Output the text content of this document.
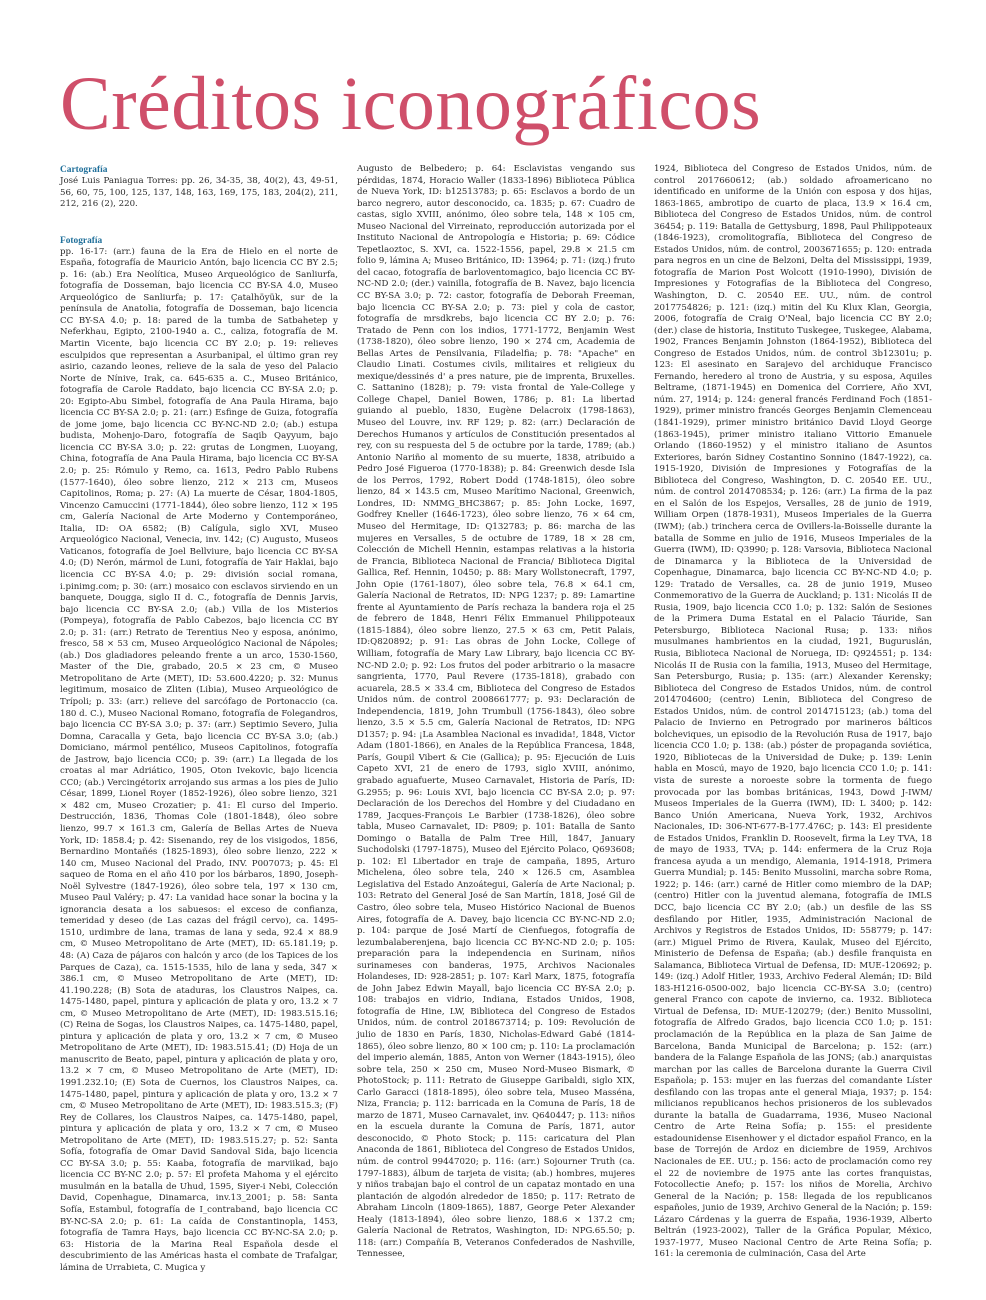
Créditos iconográficos

Cartografía

José Luis Paniagua Torres: pp. 26, 34-35, 38, 40(2), 43, 49-51, 56, 60, 75, 100, 125, 137, 148, 163, 169, 175, 183, 204(2), 211, 212, 216 (2), 220.

Fotografía

pp. 16-17: (arr.) fauna de la Era de Hielo en el norte de España, fotografía de Mauricio Antón, bajo licencia CC BY 2.5; p. 16: (ab.) Era Neolítica, Museo Arqueológico de Sanliurfa, fotografía de Dosseman, bajo licencia CC BY-SA 4.0, Museo Arqueológico de Sanliurfa; p. 17: Çatalhöyük, sur de la península de Anatolia, fotografía de Dosseman, bajo licencia CC BY-SA 4.0; p. 18: pared de la tumba de Satbahetep y Neferkhau, Egipto, 2100-1940 a. C., caliza, fotografía de M. Martin Vicente, bajo licencia CC BY 2.0; p. 19: relieves esculpidos que representan a Asurbanipal, el último gran rey asirio, cazando leones, relieve de la sala de yeso del Palacio Norte de Nínive, Irak, ca. 645-635 a. C., Museo Británico, fotografía de Carole Raddato, bajo licencia CC BY-SA 2.0; p. 20: Egipto-Abu Simbel, fotografía de Ana Paula Hirama, bajo licencia CC BY-SA 2.0; p. 21: (arr.) Esfinge de Guiza, fotografía de jome jome, bajo licencia CC BY-NC-ND 2.0; (ab.) estupa budista, Mohenjo-Daro, fotografía de Saqib Qayyum, bajo licencia CC BY-SA 3.0; p. 22: grutas de Longmen, Luoyang, China, fotografía de Ana Paula Hirama, bajo licencia CC BY-SA 2.0; p. 25: Rómulo y Remo, ca. 1613, Pedro Pablo Rubens (1577-1640), óleo sobre lienzo, 212 × 213 cm, Museos Capitolinos, Roma; p. 27: (A) La muerte de César, 1804-1805, Vincenzo Camuccini (1771-1844), óleo sobre lienzo, 112 × 195 cm, Galería Nacional de Arte Moderno y Contemporáneo, Italia, ID: OA 6582; (B) Calígula, siglo XVI, Museo Arqueológico Nacional, Venecia, inv. 142; (C) Augusto, Museos Vaticanos, fotografía de Joel Bellviure, bajo licencia CC BY-SA 4.0; (D) Nerón, mármol de Luni, fotografía de Yair Haklai, bajo licencia CC BY-SA 4.0; p. 29: división social romana, i.pinimg.com; p. 30: (arr.) mosaico con esclavos sirviendo en un banquete, Dougga, siglo II d. C., fotografía de Dennis Jarvis, bajo licencia CC BY-SA 2.0; (ab.) Villa de los Misterios (Pompeya), fotografía de Pablo Cabezos, bajo licencia CC BY 2.0; p. 31: (arr.) Retrato de Terentius Neo y esposa, anónimo, fresco, 58 × 53 cm, Museo Arqueológico Nacional de Nápoles; (ab.) Dos gladiadores peleando frente a un arco, 1530-1560, Master of the Die, grabado, 20.5 × 23 cm, © Museo Metropolitano de Arte (MET), ID: 53.600.4220; p. 32: Munus legitimum, mosaico de Zliten (Libia), Museo Arqueológico de Trípoli; p. 33: (arr.) relieve del sarcófago de Portonaccio (ca. 180 d. C.), Museo Nacional Romano, fotografía de Folegandros, bajo licencia CC BY-SA 3.0; p. 37: (arr.) Septimio Severo, Julia Domna, Caracalla y Geta, bajo licencia CC BY-SA 3.0; (ab.) Domiciano, mármol pentélico, Museos Capitolinos, fotografía de Jastrow, bajo licencia CC0; p. 39: (arr.) La llegada de los croatas al mar Adriático, 1905, Oton Ivekovic, bajo licencia CC0; (ab.) Vercingétorix arrojando sus armas a los pies de Julio César, 1899, Lionel Royer (1852-1926), óleo sobre lienzo, 321 × 482 cm, Museo Crozatier; p. 41: El curso del Imperio. Destrucción, 1836, Thomas Cole (1801-1848), óleo sobre lienzo, 99.7 × 161.3 cm, Galería de Bellas Artes de Nueva York, ID: 1858.4; p. 42: Sisenando, rey de los visigodos, 1856, Bernardino Montañés (1825-1893), óleo sobre lienzo, 222 × 140 cm, Museo Nacional del Prado, INV. P007073; p. 45: El saqueo de Roma en el año 410 por los bárbaros, 1890, Joseph-Noël Sylvestre (1847-1926), óleo sobre tela, 197 × 130 cm, Museo Paul Valéry; p. 47: La vanidad hace sonar la bocina y la ignorancia desata a los sabuesos: el exceso de confianza, temeridad y deseo (de Las cazas del frágil cervo), ca. 1495-1510, urdimbre de lana, tramas de lana y seda, 92.4 × 88.9 cm, © Museo Metropolitano de Arte (MET), ID: 65.181.19; p. 48: (A) Caza de pájaros con halcón y arco (de los Tapices de los Parques de Caza), ca. 1515-1535, hilo de lana y seda, 347 × 386.1 cm, © Museo Metropolitano de Arte (MET), ID: 41.190.228; (B) Sota de ataduras, los Claustros Naipes, ca. 1475-1480, papel, pintura y aplicación de plata y oro, 13.2 × 7 cm, © Museo Metropolitano de Arte (MET), ID: 1983.515.16; (C) Reina de Sogas, los Claustros Naipes, ca. 1475-1480, papel, pintura y aplicación de plata y oro, 13.2 × 7 cm, © Museo Metropolitano de Arte (MET), ID: 1983.515.41; (D) Hoja de un manuscrito de Beato, papel, pintura y aplicación de plata y oro, 13.2 × 7 cm, © Museo Metropolitano de Arte (MET), ID: 1991.232.10; (E) Sota de Cuernos, los Claustros Naipes, ca. 1475-1480, papel, pintura y aplicación de plata y oro, 13.2 × 7 cm, © Museo Metropolitano de Arte (MET), ID: 1983.515.3; (F) Rey de Collares, los Claustros Naipes, ca. 1475-1480, papel, pintura y aplicación de plata y oro, 13.2 × 7 cm, © Museo Metropolitano de Arte (MET), ID: 1983.515.27; p. 52: Santa Sofía, fotografía de Omar David Sandoval Sida, bajo licencia CC BY-SA 3.0; p. 55: Kaaba, fotografía de marviikad, bajo licencia CC BY-NC 2.0; p. 57: El profeta Mahoma y el ejército musulmán en la batalla de Uhud, 1595, Siyer-i Nebi, Colección David, Copenhague, Dinamarca, inv.13_2001; p. 58: Santa Sofía, Estambul, fotografía de I_contraband, bajo licencia CC BY-NC-SA 2.0; p. 61: La caída de Constantinopla, 1453, fotografía de Tamra Hays, bajo licencia CC BY-NC-SA 2.0; p. 63: Historia de la Marina Real Española desde el descubrimiento de las Américas hasta el combate de Trafalgar, lámina de Urrabieta, C. Mugica y

Augusto de Belbedero; p. 64: Esclavistas vengando sus pérdidas, 1874, Horacio Waller (1833-1896) Biblioteca Pública de Nueva York, ID: b12513783; p. 65: Esclavos a bordo de un barco negrero, autor desconocido, ca. 1835; p. 67: Cuadro de castas, siglo XVIII, anónimo, óleo sobre tela, 148 × 105 cm, Museo Nacional del Virreinato, reproducción autorizada por el Instituto Nacional de Antropología e Historia; p. 69: Códice Tepetlaoztoc, S. XVI, ca. 1522-1556, papel, 29.8 × 21.5 cm folio 9, lámina A; Museo Británico, ID: 13964; p. 71: (izq.) fruto del cacao, fotografía de barloventomagico, bajo licencia CC BY-NC-ND 2.0; (der.) vainilla, fotografía de B. Navez, bajo licencia CC BY-SA 3.0; p. 72: castor, fotografía de Deborah Freeman, bajo licencia CC BY-SA 2.0; p. 73: piel y cola de castor, fotografía de mrsdkrebs, bajo licencia CC BY 2.0; p. 76: Tratado de Penn con los indios, 1771-1772, Benjamin West (1738-1820), óleo sobre lienzo, 190 × 274 cm, Academia de Bellas Artes de Pensilvania, Filadelfia; p. 78: "Apache" en Claudio Linati. Costumes civils, militaires et religieux du mexique/dessinés d' a pres nature, pie de imprenta, Bruxelles. C. Sattanino (1828); p. 79: vista frontal de Yale-College y College Chapel, Daniel Bowen, 1786; p. 81: La libertad guiando al pueblo, 1830, Eugène Delacroix (1798-1863), Museo del Louvre, inv. RF 129; p. 82: (arr.) Declaración de Derechos Humanos y artículos de Constitución presentados al rey, con su respuesta del 5 de octubre por la tarde, 1789; (ab.) Antonio Nariño al momento de su muerte, 1838, atribuido a Pedro José Figueroa (1770-1838); p. 84: Greenwich desde Isla de los Perros, 1792, Robert Dodd (1748-1815), óleo sobre lienzo, 84 × 143.5 cm, Museo Marítimo Nacional, Greenwich, Londres, ID: NMMG_BHC3867; p. 85: John Locke, 1697, Godfrey Kneller (1646-1723), óleo sobre lienzo, 76 × 64 cm, Museo del Hermitage, ID: Q132783; p. 86: marcha de las mujeres en Versalles, 5 de octubre de 1789, 18 × 28 cm, Colección de Michell Hennin, estampas relativas a la historia de Francia, Biblioteca Nacional de Francia/ Biblioteca Digital Gallica, Ref. Hennin, 10450; p. 88: Mary Wollstonecraft, 1797, John Opie (1761-1807), óleo sobre tela, 76.8 × 64.1 cm, Galería Nacional de Retratos, ID: NPG 1237; p. 89: Lamartine frente al Ayuntamiento de París rechaza la bandera roja el 25 de febrero de 1848, Henri Félix Emmanuel Philippoteaux (1815-1884), óleo sobre lienzo, 27.5 × 63 cm, Petit Palais, ID:Q820892; p. 91: Las obras de John Locke, College of William, fotografía de Mary Law Library, bajo licencia CC BY-NC-ND 2.0; p. 92: Los frutos del poder arbitrario o la masacre sangrienta, 1770, Paul Revere (1735-1818), grabado con acuarela, 28.5 × 33.4 cm, Biblioteca del Congreso de Estados Unidos núm. de control 2008661777; p. 93: Declaración de Independencia, 1819, John Trumbull (1756-1843), óleo sobre lienzo, 3.5 × 5.5 cm, Galería Nacional de Retratos, ID: NPG D1357; p. 94: ¡La Asamblea Nacional es invadida!, 1848, Victor Adam (1801-1866), en Anales de la República Francesa, 1848, París, Goupil Vibert & Cie (Gallica); p. 95: Ejecución de Luis Capeto XVI, 21 de enero de 1793, siglo XVIII, anónimo, grabado aguafuerte, Museo Carnavalet, Historia de París, ID: G.2955; p. 96: Louis XVI, bajo licencia CC BY-SA 2.0; p. 97: Declaración de los Derechos del Hombre y del Ciudadano en 1789, Jacques-François Le Barbier (1738-1826), óleo sobre tabla, Museo Carnavalet, ID: P809; p. 101: Batalla de Santo Domingo o Batalla de Palm Tree Hill, 1847, January Suchodolski (1797-1875), Museo del Ejército Polaco, Q693608; p. 102: El Libertador en traje de campaña, 1895, Arturo Michelena, óleo sobre tela, 240 × 126.5 cm, Asamblea Legislativa del Estado Anzoátegui, Galería de Arte Nacional; p. 103: Retrato del General José de San Martín, 1818, José Gil de Castro, óleo sobre tela, Museo Histórico Nacional de Buenos Aires, fotografía de A. Davey, bajo licencia CC BY-NC-ND 2.0; p. 104: parque de José Martí de Cienfuegos, fotografía de lezumbalaberenjena, bajo licencia CC BY-NC-ND 2.0; p. 105: preparación para la independencia en Surinam, niños surinameses con banderas, 1975, Archivos Nacionales Holandeses, ID: 928-2851; p. 107: Karl Marx, 1875, fotografía de John Jabez Edwin Mayall, bajo licencia CC BY-SA 2.0; p. 108: trabajos en vidrio, Indiana, Estados Unidos, 1908, fotografía de Hine, LW, Biblioteca del Congreso de Estados Unidos, núm. de control 2018673714; p. 109: Revolución de julio de 1830 en París, 1830, Nicholas-Edward Gabé (1814-1865), óleo sobre lienzo, 80 × 100 cm; p. 110: La proclamación del imperio alemán, 1885, Anton von Werner (1843-1915), óleo sobre tela, 250 × 250 cm, Museo Nord-Museo Bismark, © PhotoStock; p. 111: Retrato de Giuseppe Garibaldi, siglo XIX, Carlo Garacci (1818-1895), óleo sobre tela, Museo Masséna, Niza, Francia; p. 112: barricada en la Comuna de París, 18 de marzo de 1871, Museo Carnavalet, inv. Q640447; p. 113: niños en la escuela durante la Comuna de París, 1871, autor desconocido, © Photo Stock; p. 115: caricatura del Plan Anaconda de 1861, Biblioteca del Congreso de Estados Unidos, núm. de control 99447020; p. 116: (arr.) Sojourner Truth (ca. 1797-1883), álbum de tarjeta de visita; (ab.) hombres, mujeres y niños trabajan bajo el control de un capataz montado en una plantación de algodón alrededor de 1850; p. 117: Retrato de Abraham Lincoln (1809-1865), 1887, George Peter Alexander Healy (1813-1894), óleo sobre lienzo, 188.6 × 137.2 cm; Galería Nacional de Retratos, Washington, ID: NPG.65.50; p. 118: (arr.) Compañía B, Veteranos Confederados de Nashville, Tennessee,

1924, Biblioteca del Congreso de Estados Unidos, núm. de control 2017660612; (ab.) soldado afroamericano no identificado en uniforme de la Unión con esposa y dos hijas, 1863-1865, ambrotipo de cuarto de placa, 13.9 × 16.4 cm, Biblioteca del Congreso de Estados Unidos, núm. de control 36454; p. 119: Batalla de Gettysburg, 1898, Paul Philippoteaux (1846-1923), cromolitografía, Biblioteca del Congreso de Estados Unidos, núm. de control, 2003671655; p. 120: entrada para negros en un cine de Belzoni, Delta del Mississippi, 1939, fotografía de Marion Post Wolcott (1910-1990), División de Impresiones y Fotografías de la Biblioteca del Congreso, Washington, D. C. 20540 EE. UU., núm. de control 2017754826; p. 121: (izq.) mitin del Ku Klux Klan, Georgia, 2006, fotografía de Craig O'Neal, bajo licencia CC BY 2.0; (der.) clase de historia, Instituto Tuskegee, Tuskegee, Alabama, 1902, Frances Benjamin Johnston (1864-1952), Biblioteca del Congreso de Estados Unidos, núm. de control 3b12301u; p. 123: El asesinato en Sarajevo del archiduque Francisco Fernando, heredero al trono de Austria, y su esposa, Aquiles Beltrame, (1871-1945) en Domenica del Corriere, Año XVI, núm. 27, 1914; p. 124: general francés Ferdinand Foch (1851-1929), primer ministro francés Georges Benjamin Clemenceau (1841-1929), primer ministro británico David Lloyd George (1863-1945), primer ministro italiano Vittorio Emanuele Orlando (1860-1952) y el ministro italiano de Asuntos Exteriores, barón Sidney Costantino Sonnino (1847-1922), ca. 1915-1920, División de Impresiones y Fotografías de la Biblioteca del Congreso, Washington, D. C. 20540 EE. UU., núm. de control 2014708534; p. 126: (arr.) La firma de la paz en el Salón de los Espejos, Versalles, 28 de junio de 1919, William Orpen (1878-1931), Museos Imperiales de la Guerra (IWM); (ab.) trinchera cerca de Ovillers-la-Boisselle durante la batalla de Somme en julio de 1916, Museos Imperiales de la Guerra (IWM), ID: Q3990; p. 128: Varsovia, Biblioteca Nacional de Dinamarca y la Biblioteca de la Universidad de Copenhague, Dinamarca, bajo licencia CC BY-NC-ND 4.0; p. 129: Tratado de Versalles, ca. 28 de junio 1919, Museo Conmemorativo de la Guerra de Auckland; p. 131: Nicolás II de Rusia, 1909, bajo licencia CC0 1.0; p. 132: Salón de Sesiones de la Primera Duma Estatal en el Palacio Táuride, San Petersburgo, Biblioteca Nacional Rusa; p. 133: niños musulmanes hambrientos en la ciudad, 1921, Buguruslán, Rusia, Biblioteca Nacional de Noruega, ID: Q924551; p. 134: Nicolás II de Rusia con la familia, 1913, Museo del Hermitage, San Petersburgo, Rusia; p. 135: (arr.) Alexander Kerensky; Biblioteca del Congreso de Estados Unidos, núm. de control 2014704600; (centro) Lenin, Biblioteca del Congreso de Estados Unidos, núm. de control 2014715123; (ab.) toma del Palacio de Invierno en Petrogrado por marineros bálticos bolcheviques, un episodio de la Revolución Rusa de 1917, bajo licencia CC0 1.0; p. 138: (ab.) póster de propaganda soviética, 1920, Bibliotecas de la Universidad de Duke; p. 139: Lenin habla en Moscú, mayo de 1920, bajo licencia CC0 1.0; p. 141: vista de sureste a noroeste sobre la tormenta de fuego provocada por las bombas británicas, 1943, Dowd J-IWM/ Museos Imperiales de la Guerra (IWM), ID: L 3400; p. 142: Banco Unión Americana, Nueva York, 1932, Archivos Nacionales, ID: 306-NT-677-B-177.476C; p. 143: El presidente de Estados Unidos, Franklin D. Roosevelt, firma la Ley TVA, 18 de mayo de 1933, TVA; p. 144: enfermera de la Cruz Roja francesa ayuda a un mendigo, Alemania, 1914-1918, Primera Guerra Mundial; p. 145: Benito Mussolini, marcha sobre Roma, 1922; p. 146: (arr.) carné de Hitler como miembro de la DAP; (centro) Hitler con la juventud alemana, fotografía de IMLS DCC, bajo licencia CC BY 2.0; (ab.) un desfile de las SS desfilando por Hitler, 1935, Administración Nacional de Archivos y Registros de Estados Unidos, ID: 558779; p. 147: (arr.) Miguel Primo de Rivera, Kaulak, Museo del Ejército, Ministerio de Defensa de España; (ab.) desfile franquista en Salamanca, Biblioteca Virtual de Defensa, ID: MUE-120692; p. 149: (izq.) Adolf Hitler, 1933, Archivo Federal Alemán; ID: Bild 183-H1216-0500-002, bajo licencia CC-BY-SA 3.0; (centro) general Franco con capote de invierno, ca. 1932. Biblioteca Virtual de Defensa, ID: MUE-120279; (der.) Benito Mussolini, fotografía de Alfredo Grados, bajo licencia CC0 1.0; p. 151: proclamación de la República en la plaza de San Jaime de Barcelona, Banda Municipal de Barcelona; p. 152: (arr.) bandera de la Falange Española de las JONS; (ab.) anarquistas marchan por las calles de Barcelona durante la Guerra Civil Española; p. 153: mujer en las fuerzas del comandante Líster desfilando con las tropas ante el general Miaja, 1937; p. 154: milicianos republicanos hechos prisioneros de los sublevados durante la batalla de Guadarrama, 1936, Museo Nacional Centro de Arte Reina Sofía; p. 155: el presidente estadounidense Eisenhower y el dictador español Franco, en la base de Torrejón de Ardoz en diciembre de 1959, Archivos Nacionales de EE. UU.; p. 156: acto de proclamación como rey el 22 de noviembre de 1975 ante las cortes franquistas, Fotocollectie Anefo; p. 157: los niños de Morelia, Archivo General de la Nación; p. 158: llegada de los republicanos españoles, junio de 1939, Archivo General de la Nación; p. 159: Lázaro Cárdenas y la guerra de España, 1936-1939, Alberto Beltrán (1923-2002), Taller de la Gráfica Popular, México, 1937-1977, Museo Nacional Centro de Arte Reina Sofía; p. 161: la ceremonia de culminación, Casa del Arte
